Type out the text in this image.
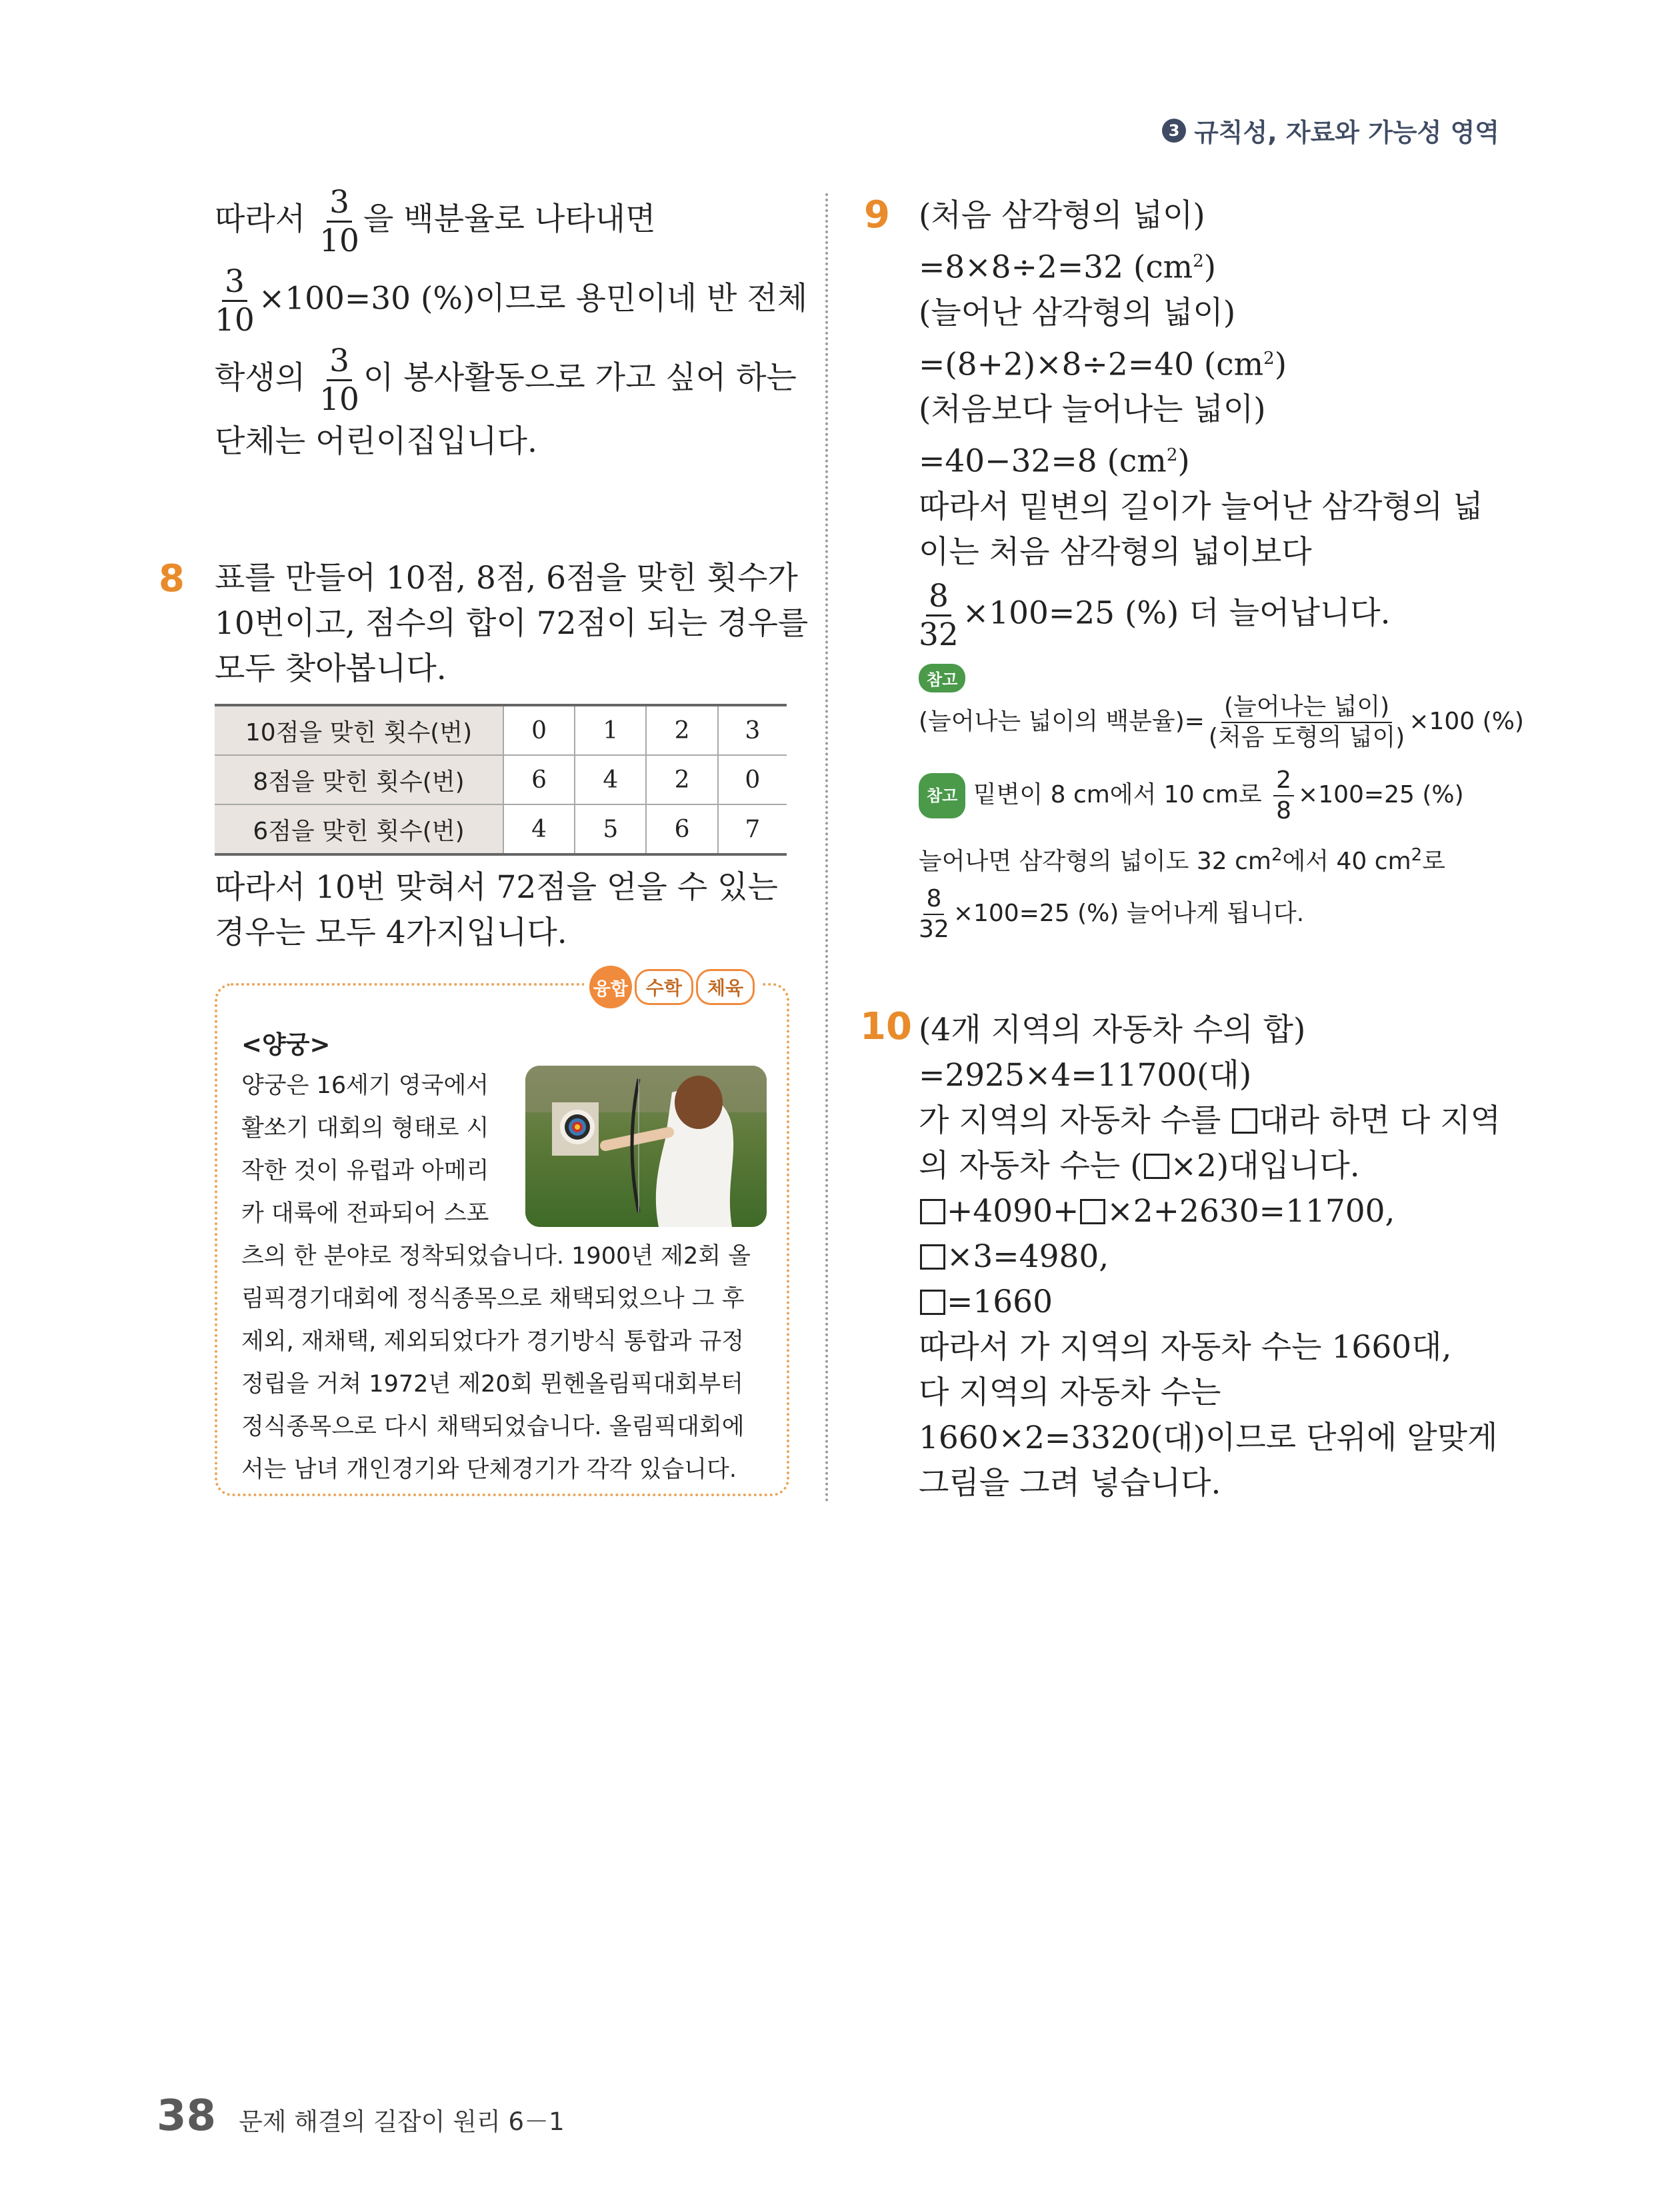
3 규칙성, 자료와 가능성 영역
따라서 $\frac{3}{10}$ 을 백분율로 나타내면
$\frac{3}{10} \times 100=30$ (%)이므로 용민이네 반 전체
학생의 $\frac{3}{10}$ 이 봉사활동으로 가고 싶어 하는
단체는 어린이집입니다.
8 표를 만들어 10점, 8점, 6점을 맞힌 횟수가
10번이고, 점수의 합이 72점이 되는 경우를
모두 찾아봅니다.
10점을 맞힌 횟수(번)	0	1	2	3
8점을 맞힌 횟수(번)	6	4	2	0
6점을 맞힌 횟수(번)	4	5	6	7
따라서 10번 맞혀서 72점을 얻을 수 있는
경우는 모두 4가지입니다.
융합 수학	체육
<양궁>
양궁은 16세기 영국에서
활쏘기 대회의 형태로 시
작한 것이 유럽과 아메리
카 대륙에 전파되어 스포
츠의 한 분야로 정착되었습니다. 1900년 제2회 올
림픽경기대회에 정식종목으로 채택되었으나 그 후
제외, 재채택, 제외되었다가 경기방식 통합과 규정
정립을 거쳐 1972년 제20회 뮌헨올림픽대회부터
정식종목으로 다시 채택되었습니다. 올림픽대회에
서는 남녀 개인경기와 단체경기가 각각 있습니다.
9 (처음 삼각형의 넓이)
=8×8÷2=32 $(cm^2)$
(늘어난 삼각형의 넓이)
=(8+2)×8÷2=40 $(cm^2)$
(처음보다 늘어나는 넓이)
=40−32=8 $(cm^2)$
따라서 밑변의 길이가 늘어난 삼각형의 넓
이는 처음 삼각형의 넓이보다
$\frac{8}{32} \times 100=25$ (%) 더 늘어납니다.
참고
(늘어나는 넓이의 백분율)= $\frac{\text{(늘어나는 넓이)}}{\text{(처음 도형의 넓이)}} \times 100$ (%)
참고 밑변이 8 cm에서 10 cm로 $\frac{2}{8} \times 100=25$ (%)
늘어나면 삼각형의 넓이도 32 $cm^2$에서 40 $cm^2$로
$\frac{8}{32} \times 100=25$ (%) 늘어나게 됩니다.
10 (4개 지역의 자동차 수의 합)
=2925×4=11700(대)
가 지역의 자동차 수를 대라 하면 다 지역
의 자동차 수는 ( ×2)대입니다.
+4090+ ×2+2630=11700,
×3=4980,
=1660
따라서 가 지역의 자동차 수는 1660대,
다 지역의 자동차 수는
1660×2=3320(대)이므로 단위에 알맞게
그림을 그려 넣습니다.
38 문제 해결의 길잡이 원리 6－1
